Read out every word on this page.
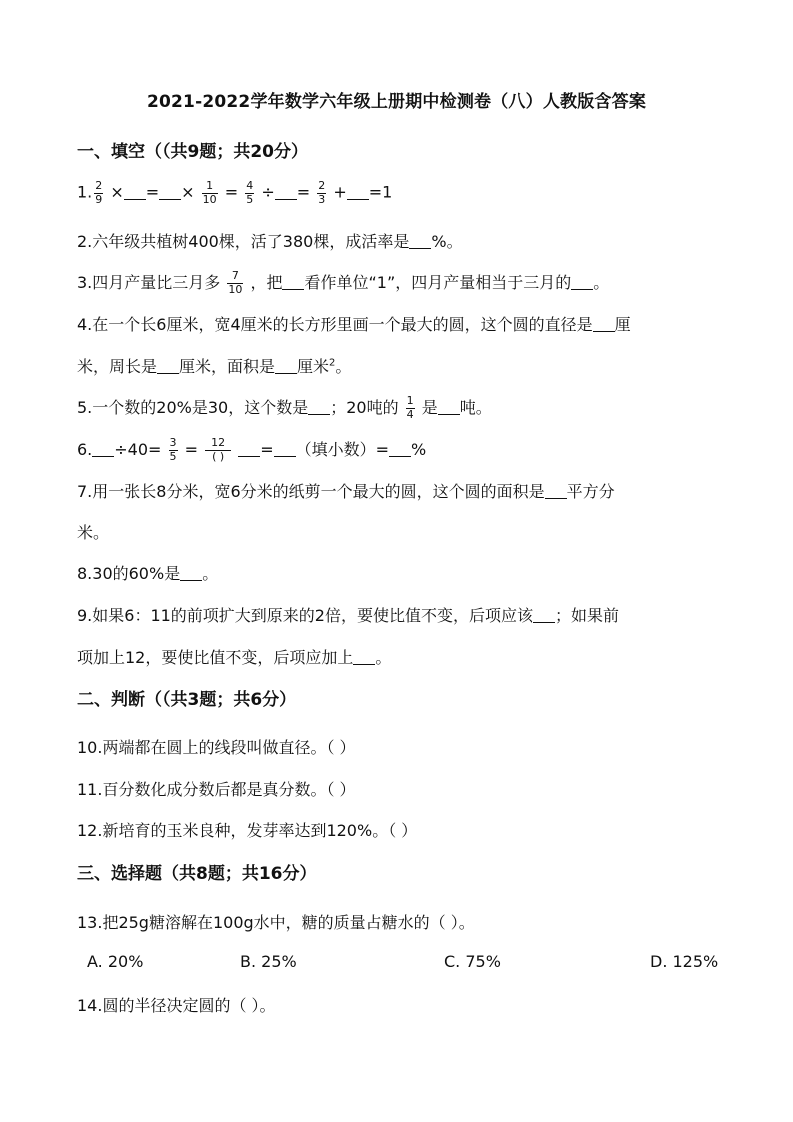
2021-2022学年数学六年级上册期中检测卷（八）人教版含答案
一、填空（（共9题；共20分）
1. $\frac{2}{9}$ × = × $\frac{1}{10} = \frac{4}{5}$ ÷ = $\frac{2}{3} + =1$
2.六年级共植树400棵，活了380棵，成活率是 %。
3.四月产量比三月多 $\frac{7}{10}$ ，把 看作单位“1”，四月产量相当于三月的 。
4.在一个长6厘米，宽4厘米的长方形里画一个最大的圆，这个圆的直径是 厘
米，周长是 厘米，面积是 厘米$^2$。
5.一个数的20%是30，这个数是 ；20吨的 $\frac{1}{4}$ 是 吨。
6. $\div 40= \frac{3}{5} = \frac{12}{( )}$ = （填小数）= %
7.用一张长8分米，宽6分米的纸剪一个最大的圆，这个圆的面积是 平方分
米。
8.30的60%是 。
9.如果6：11的前项扩大到原来的2倍，要使比值不变，后项应该 ；如果前
项加上12，要使比值不变，后项应加上 。
二、判断（（共3题；共6分）
10.两端都在圆上的线段叫做直径。（ ）
11.百分数化成分数后都是真分数。（ ）
12.新培育的玉米良种，发芽率达到120%。（ ）
三、选择题（共8题；共16分）
13.把25g糖溶解在100g水中，糖的质量占糖水的（ ）。
A. 20%	B. 25%	C. 75%	D. 125%
14.圆的半径决定圆的（ ）。
